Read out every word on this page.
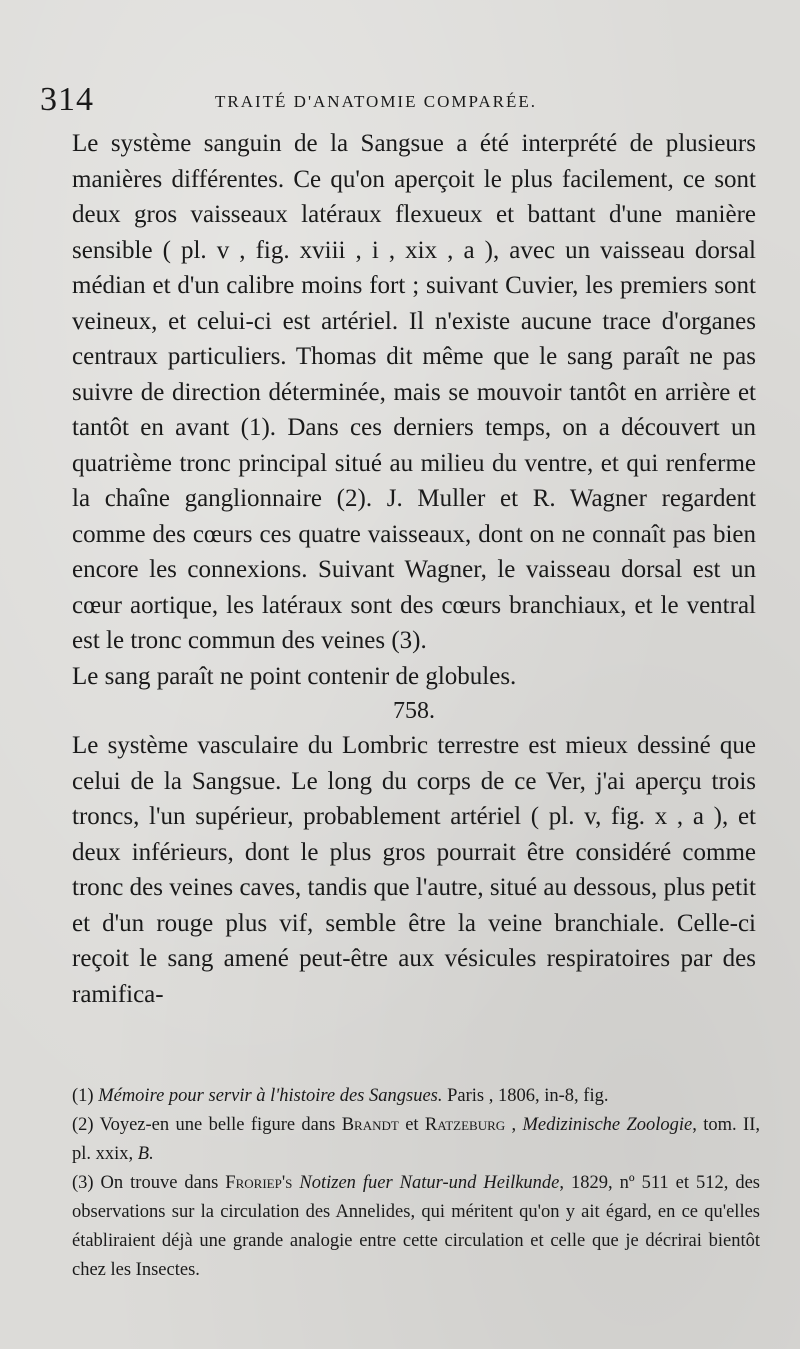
314	TRAITÉ D'ANATOMIE COMPARÉE.

Le système sanguin de la Sangsue a été interprété de plusieurs manières différentes. Ce qu'on aperçoit le plus facilement, ce sont deux gros vaisseaux latéraux flexueux et battant d'une manière sensible ( pl. v , fig. xviii , i , xix , a ), avec un vaisseau dorsal médian et d'un calibre moins fort ; suivant Cuvier, les premiers sont veineux, et celui-ci est artériel. Il n'existe aucune trace d'organes centraux particuliers. Thomas dit même que le sang paraît ne pas suivre de direction déterminée, mais se mouvoir tantôt en arrière et tantôt en avant (1). Dans ces derniers temps, on a découvert un quatrième tronc principal situé au milieu du ventre, et qui renferme la chaîne ganglionnaire (2). J. Muller et R. Wagner regardent comme des cœurs ces quatre vaisseaux, dont on ne connaît pas bien encore les connexions. Suivant Wagner, le vaisseau dorsal est un cœur aortique, les latéraux sont des cœurs branchiaux, et le ventral est le tronc commun des veines (3).

Le sang paraît ne point contenir de globules.

758.

Le système vasculaire du Lombric terrestre est mieux dessiné que celui de la Sangsue. Le long du corps de ce Ver, j'ai aperçu trois troncs, l'un supérieur, probablement artériel ( pl. v, fig. x , a ), et deux inférieurs, dont le plus gros pourrait être considéré comme tronc des veines caves, tandis que l'autre, situé au dessous, plus petit et d'un rouge plus vif, semble être la veine branchiale. Celle-ci reçoit le sang amené peut-être aux vésicules respiratoires par des ramifica-

(1) Mémoire pour servir à l'histoire des Sangsues. Paris , 1806, in-8, fig.

(2) Voyez-en une belle figure dans Brandt et Ratzeburg , Medizinische Zoologie, tom. II, pl. xxix, B.

(3) On trouve dans Froriep's Notizen fuer Natur-und Heilkunde, 1829, nº 511 et 512, des observations sur la circulation des Annelides, qui méritent qu'on y ait égard, en ce qu'elles établiraient déjà une grande analogie entre cette circulation et celle que je décrirai bientôt chez les Insectes.
